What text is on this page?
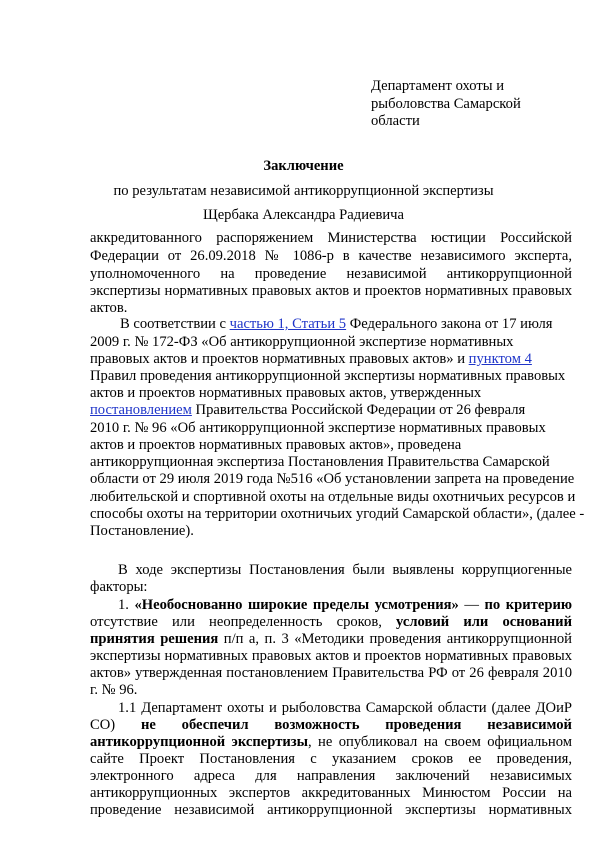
Департамент охоты и
рыболовства Самарской
области
Заключение
по результатам независимой антикоррупционной экспертизы
Щербака Александра Радиевича
аккредитованного распоряжением Министерства юстиции Российской
Федерации от 26.09.2018 № 1086-р в качестве независимого эксперта,
уполномоченного на проведение независимой антикоррупционной
экспертизы нормативных правовых актов и проектов нормативных правовых
актов.
В соответствии с частью 1, Статьи 5 Федерального закона от 17 июля
2009 г. № 172-ФЗ «Об антикоррупционной экспертизе нормативных
правовых актов и проектов нормативных правовых актов» и пунктом 4
Правил проведения антикоррупционной экспертизы нормативных правовых
актов и проектов нормативных правовых актов, утвержденных
постановлением Правительства Российской Федерации от 26 февраля
2010 г. № 96 «Об антикоррупционной экспертизе нормативных правовых
актов и проектов нормативных правовых актов», проведена
антикоррупционная экспертиза Постановления Правительства Самарской
области от 29 июля 2019 года №516 «Об установлении запрета на проведение
любительской и спортивной охоты на отдельные виды охотничьих ресурсов и
способы охоты на территории охотничьих угодий Самарской области», (далее -
Постановление).
В ходе экспертизы Постановления были выявлены коррупциогенные
факторы:
1. «Необоснованно широкие пределы усмотрения» — по критерию
отсутствие или неопределенность сроков, условий или оснований
принятия решения п/п а, п. 3 «Методики проведения антикоррупционной
экспертизы нормативных правовых актов и проектов нормативных правовых
актов» утвержденная постановлением Правительства РФ от 26 февраля 2010
г. № 96.
1.1 Департамент охоты и рыболовства Самарской области (далее ДОиР
СО) не обеспечил возможность проведения независимой
антикоррупционной экспертизы, не опубликовал на своем официальном
сайте Проект Постановления с указанием сроков ее проведения,
электронного адреса для направления заключений независимых
антикоррупционных экспертов аккредитованных Минюстом России на
проведение независимой антикоррупционной экспертизы нормативных
